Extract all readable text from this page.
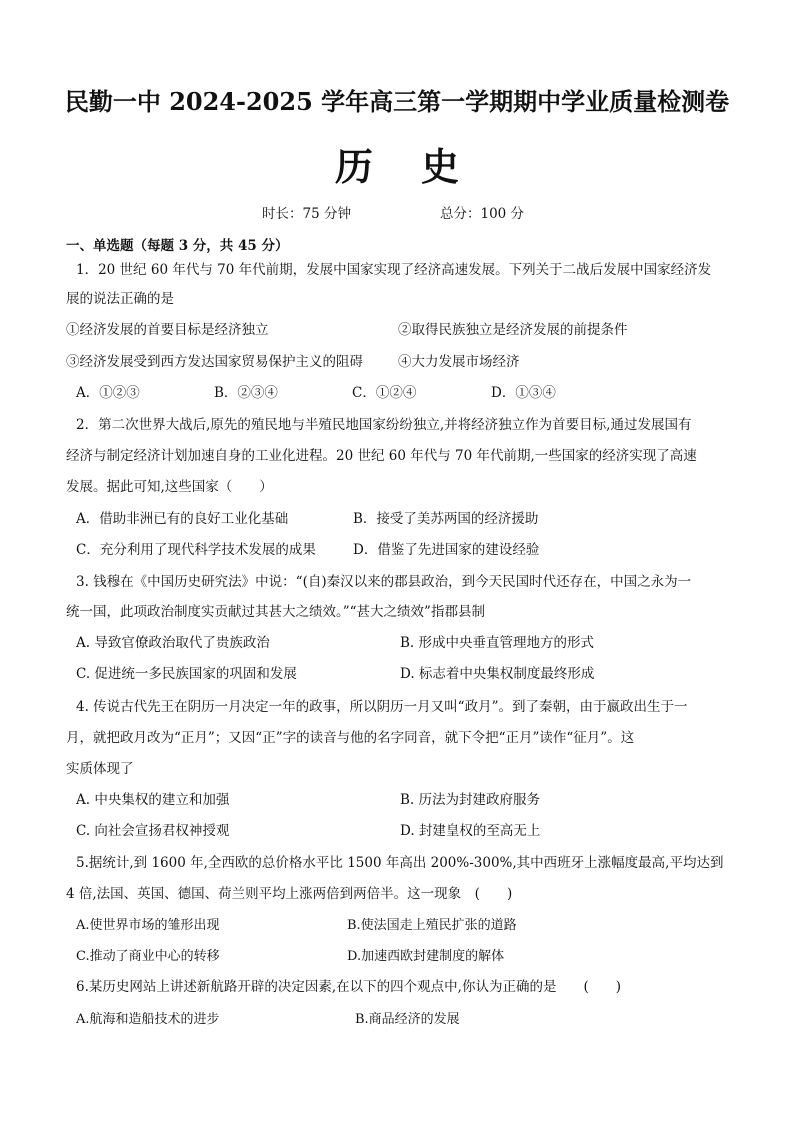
民勤一中 2024-2025 学年高三第一学期期中学业质量检测卷
历 史
时长：75 分钟	总分：100 分
一、单选题（每题 3 分，共 45 分）
1．20 世纪 60 年代与 70 年代前期，发展中国家实现了经济高速发展。下列关于二战后发展中国家经济发
展的说法正确的是
①经济发展的首要目标是经济独立	②取得民族独立是经济发展的前提条件
③经济发展受到西方发达国家贸易保护主义的阻碍	④大力发展市场经济
A．①②③	B．②③④	C．①②④	D．①③④
2．第二次世界大战后,原先的殖民地与半殖民地国家纷纷独立,并将经济独立作为首要目标,通过发展国有
经济与制定经济计划加速自身的工业化进程。20 世纪 60 年代与 70 年代前期,一些国家的经济实现了高速
发展。据此可知,这些国家（　　）
A．借助非洲已有的良好工业化基础	B．接受了美苏两国的经济援助
C．充分利用了现代科学技术发展的成果	D．借鉴了先进国家的建设经验
3. 钱穆在《中国历史研究法》中说：“(自)秦汉以来的郡县政治，到今天民国时代还存在，中国之永为一
统一国，此项政治制度实贡献过其甚大之绩效。”“甚大之绩效”指郡县制
A. 导致官僚政治取代了贵族政治	B. 形成中央垂直管理地方的形式
C. 促进统一多民族国家的巩固和发展	D. 标志着中央集权制度最终形成
4. 传说古代先王在阴历一月决定一年的政事，所以阴历一月又叫“政月”。到了秦朝，由于嬴政出生于一
月，就把政月改为“正月”；又因“正”字的读音与他的名字同音，就下令把“正月”读作“征月”。这
实质体现了
A. 中央集权的建立和加强	B. 历法为封建政府服务
C. 向社会宣扬君权神授观	D. 封建皇权的至高无上
5.据统计,到 1600 年,全西欧的总价格水平比 1500 年高出 200%-300%,其中西班牙上涨幅度最高,平均达到
4 倍,法国、英国、德国、荷兰则平均上涨两倍到两倍半。这一现象　(　　)
A.使世界市场的雏形出现	B.使法国走上殖民扩张的道路
C.推动了商业中心的转移	D.加速西欧封建制度的解体
6.某历史网站上讲述新航路开辟的决定因素,在以下的四个观点中,你认为正确的是　　(　　)
A.航海和造船技术的进步	B.商品经济的发展
